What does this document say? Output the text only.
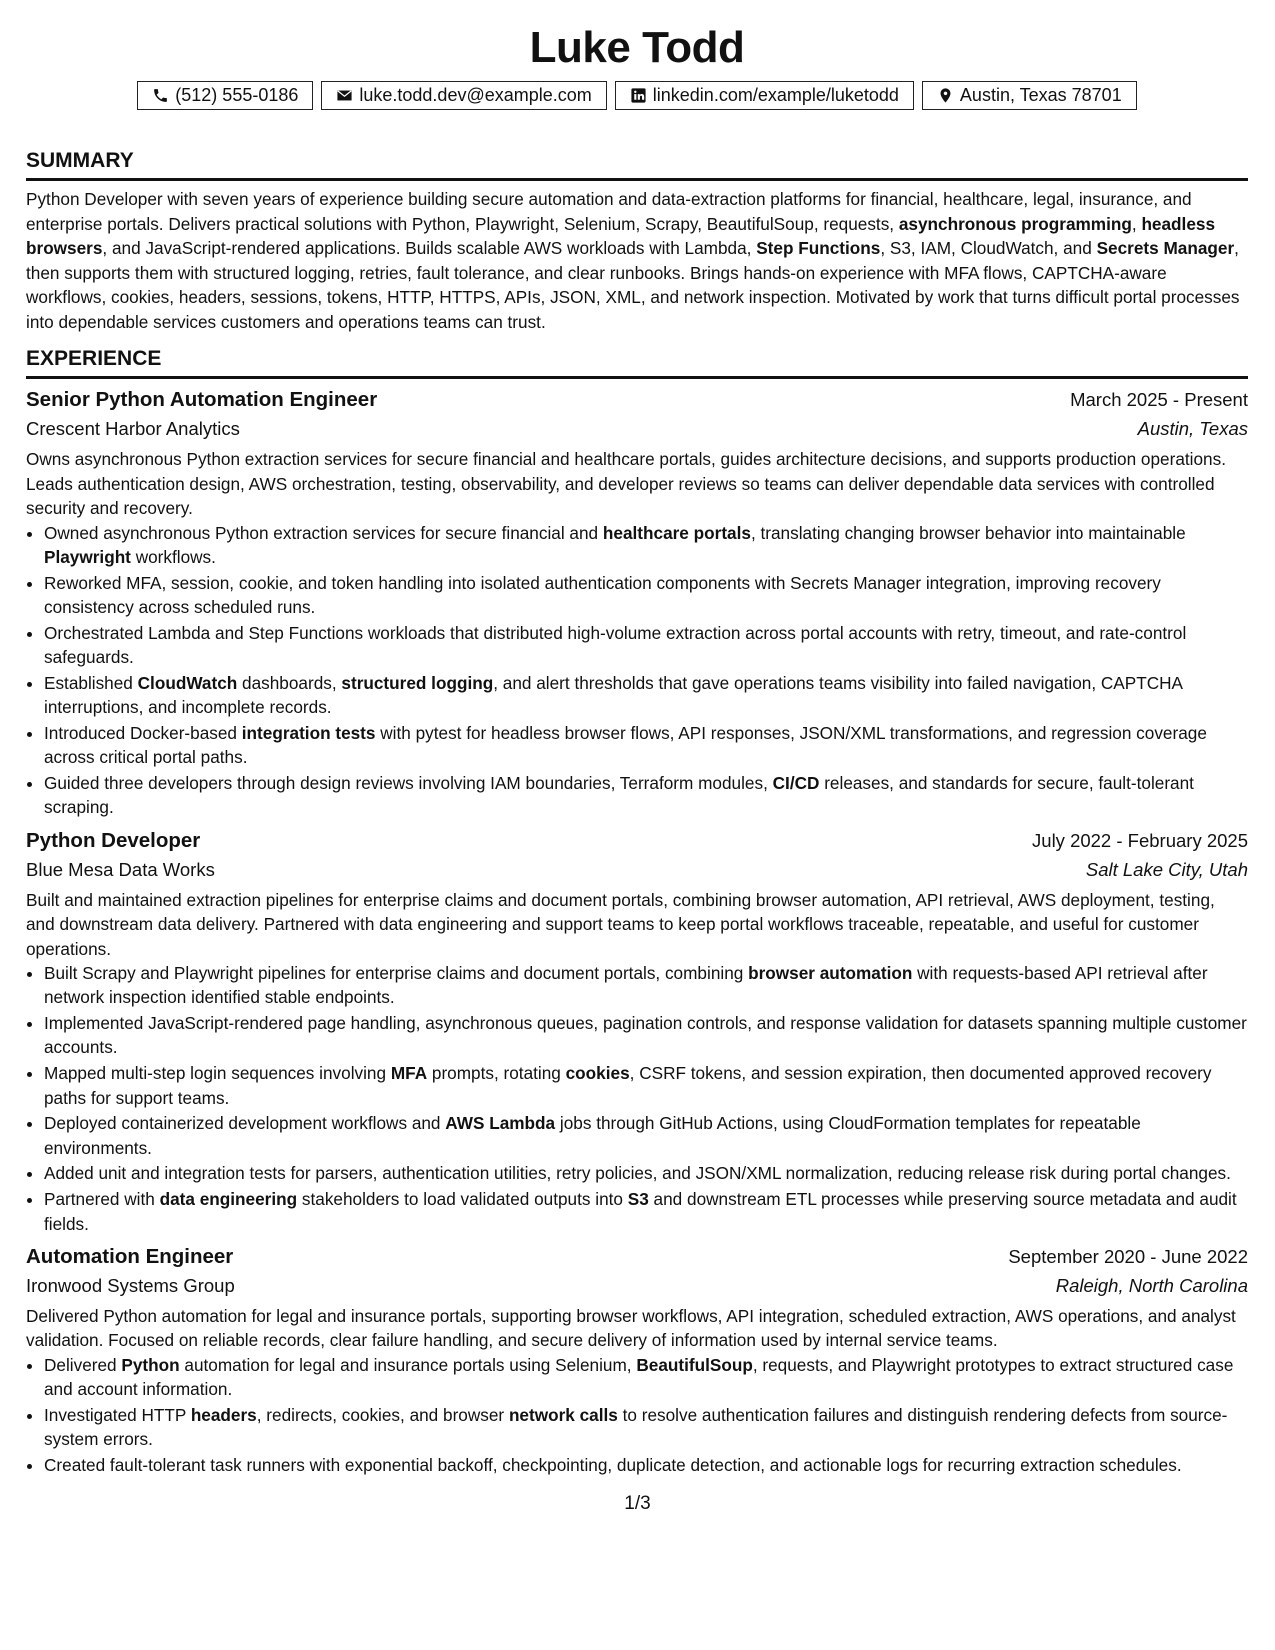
Luke Todd
(512) 555-0186	luke.todd.dev@example.com	linkedin.com/example/luketodd	Austin, Texas 78701
SUMMARY

Python Developer with seven years of experience building secure automation and data-extraction platforms for financial, healthcare, legal, insurance, and enterprise portals. Delivers practical solutions with Python, Playwright, Selenium, Scrapy, BeautifulSoup, requests, asynchronous programming, headless browsers, and JavaScript-rendered applications. Builds scalable AWS workloads with Lambda, Step Functions, S3, IAM, CloudWatch, and Secrets Manager, then supports them with structured logging, retries, fault tolerance, and clear runbooks. Brings hands-on experience with MFA flows, CAPTCHA-aware workflows, cookies, headers, sessions, tokens, HTTP, HTTPS, APIs, JSON, XML, and network inspection. Motivated by work that turns difficult portal processes into dependable services customers and operations teams can trust.

EXPERIENCE
Senior Python Automation Engineer	March 2025 - Present
Crescent Harbor Analytics	Austin, Texas

Owns asynchronous Python extraction services for secure financial and healthcare portals, guides architecture decisions, and supports production operations. Leads authentication design, AWS orchestration, testing, observability, and developer reviews so teams can deliver dependable data services with controlled security and recovery.

• Owned asynchronous Python extraction services for secure financial and healthcare portals, translating changing browser behavior into maintainable Playwright workflows.
• Reworked MFA, session, cookie, and token handling into isolated authentication components with Secrets Manager integration, improving recovery consistency across scheduled runs.
• Orchestrated Lambda and Step Functions workloads that distributed high-volume extraction across portal accounts with retry, timeout, and rate-control safeguards.
• Established CloudWatch dashboards, structured logging, and alert thresholds that gave operations teams visibility into failed navigation, CAPTCHA interruptions, and incomplete records.
• Introduced Docker-based integration tests with pytest for headless browser flows, API responses, JSON/XML transformations, and regression coverage across critical portal paths.
• Guided three developers through design reviews involving IAM boundaries, Terraform modules, CI/CD releases, and standards for secure, fault-tolerant scraping.
Python Developer	July 2022 - February 2025
Blue Mesa Data Works	Salt Lake City, Utah

Built and maintained extraction pipelines for enterprise claims and document portals, combining browser automation, API retrieval, AWS deployment, testing, and downstream data delivery. Partnered with data engineering and support teams to keep portal workflows traceable, repeatable, and useful for customer operations.

• Built Scrapy and Playwright pipelines for enterprise claims and document portals, combining browser automation with requests-based API retrieval after network inspection identified stable endpoints.
• Implemented JavaScript-rendered page handling, asynchronous queues, pagination controls, and response validation for datasets spanning multiple customer accounts.
• Mapped multi-step login sequences involving MFA prompts, rotating cookies, CSRF tokens, and session expiration, then documented approved recovery paths for support teams.
• Deployed containerized development workflows and AWS Lambda jobs through GitHub Actions, using CloudFormation templates for repeatable environments.
• Added unit and integration tests for parsers, authentication utilities, retry policies, and JSON/XML normalization, reducing release risk during portal changes.
• Partnered with data engineering stakeholders to load validated outputs into S3 and downstream ETL processes while preserving source metadata and audit fields.
Automation Engineer	September 2020 - June 2022
Ironwood Systems Group	Raleigh, North Carolina

Delivered Python automation for legal and insurance portals, supporting browser workflows, API integration, scheduled extraction, AWS operations, and analyst validation. Focused on reliable records, clear failure handling, and secure delivery of information used by internal service teams.

• Delivered Python automation for legal and insurance portals using Selenium, BeautifulSoup, requests, and Playwright prototypes to extract structured case and account information.
• Investigated HTTP headers, redirects, cookies, and browser network calls to resolve authentication failures and distinguish rendering defects from source-system errors.
• Created fault-tolerant task runners with exponential backoff, checkpointing, duplicate detection, and actionable logs for recurring extraction schedules.
1/3
